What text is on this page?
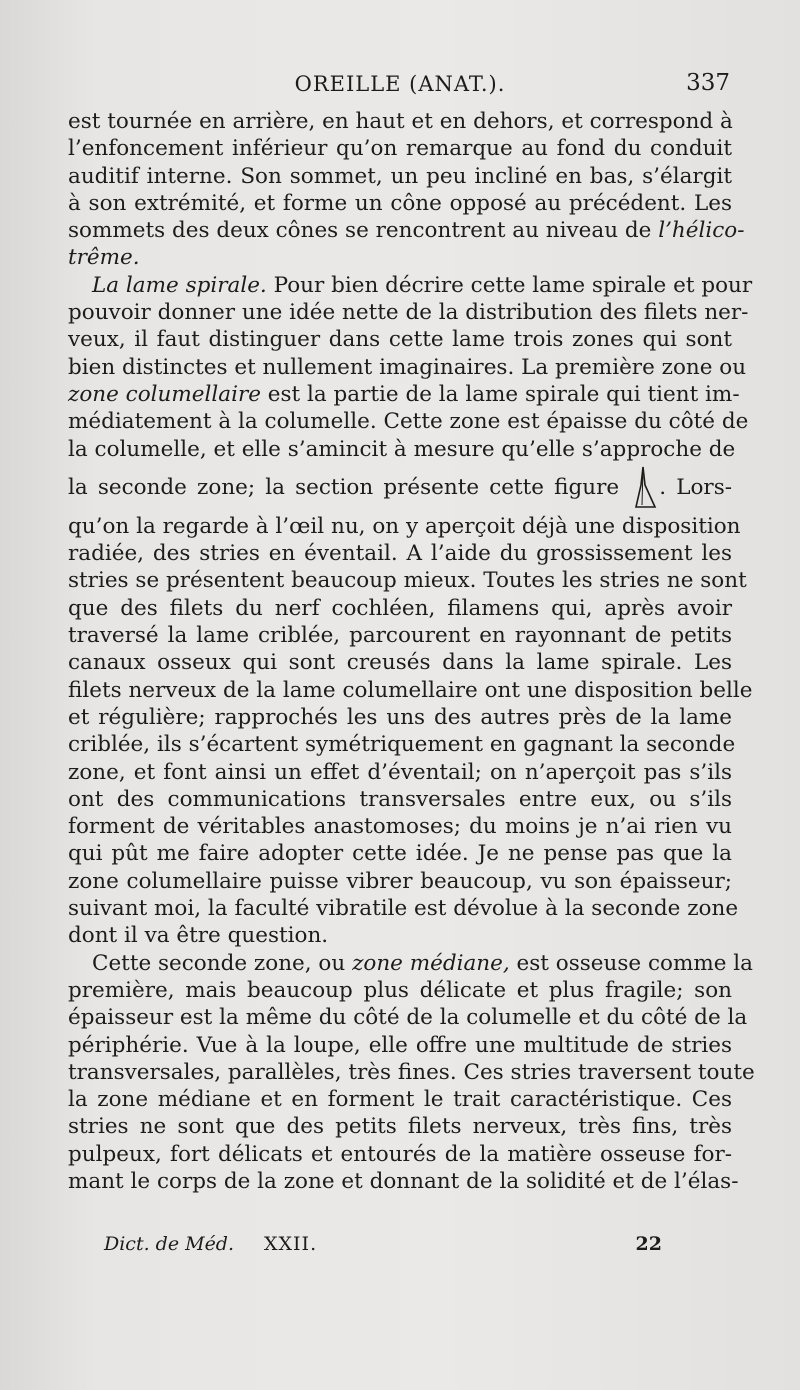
OREILLE (ANAT.).	337
est tournée en arrière, en haut et en dehors, et correspond à
l’enfoncement inférieur qu’on remarque au fond du conduit
auditif interne. Son sommet, un peu incliné en bas, s’élargit
à son extrémité, et forme un cône opposé au précédent. Les
sommets des deux cônes se rencontrent au niveau de l’hélico-
trême.
La lame spirale. Pour bien décrire cette lame spirale et pour
pouvoir donner une idée nette de la distribution des filets ner-
veux, il faut distinguer dans cette lame trois zones qui sont
bien distinctes et nullement imaginaires. La première zone ou
zone columellaire est la partie de la lame spirale qui tient im-
médiatement à la columelle. Cette zone est épaisse du côté de
la columelle, et elle s’amincit à mesure qu’elle s’approche de
la seconde zone; la section présente cette figure . Lors-
qu’on la regarde à l’œil nu, on y aperçoit déjà une disposition
radiée, des stries en éventail. A l’aide du grossissement les
stries se présentent beaucoup mieux. Toutes les stries ne sont
que des filets du nerf cochléen, filamens qui, après avoir
traversé la lame criblée, parcourent en rayonnant de petits
canaux osseux qui sont creusés dans la lame spirale. Les
filets nerveux de la lame columellaire ont une disposition belle
et régulière; rapprochés les uns des autres près de la lame
criblée, ils s’écartent symétriquement en gagnant la seconde
zone, et font ainsi un effet d’éventail; on n’aperçoit pas s’ils
ont des communications transversales entre eux, ou s’ils
forment de véritables anastomoses; du moins je n’ai rien vu
qui pût me faire adopter cette idée. Je ne pense pas que la
zone columellaire puisse vibrer beaucoup, vu son épaisseur;
suivant moi, la faculté vibratile est dévolue à la seconde zone
dont il va être question.
Cette seconde zone, ou zone médiane, est osseuse comme la
première, mais beaucoup plus délicate et plus fragile; son
épaisseur est la même du côté de la columelle et du côté de la
périphérie. Vue à la loupe, elle offre une multitude de stries
transversales, parallèles, très fines. Ces stries traversent toute
la zone médiane et en forment le trait caractéristique. Ces
stries ne sont que des petits filets nerveux, très fins, très
pulpeux, fort délicats et entourés de la matière osseuse for-
mant le corps de la zone et donnant de la solidité et de l’élas-
Dict. de Méd. XXII.	22
